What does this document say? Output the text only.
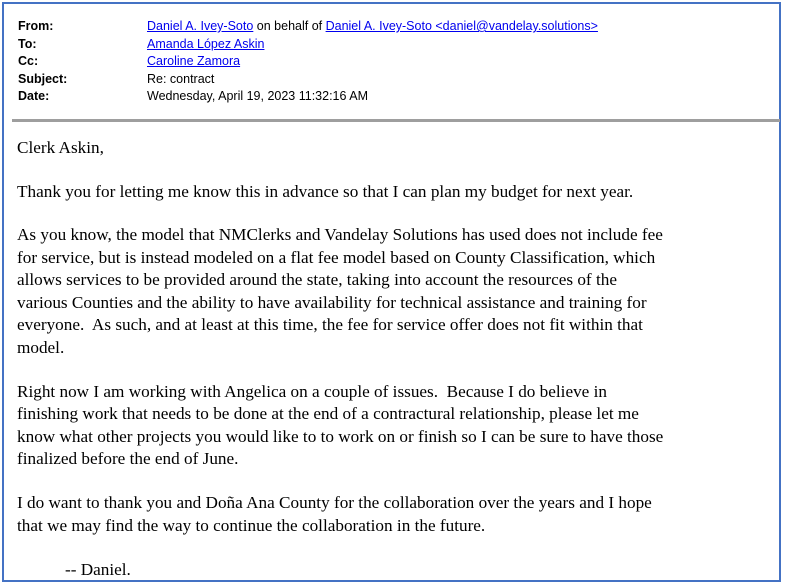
From:	Daniel A. Ivey-Soto on behalf of Daniel A. Ivey-Soto <daniel@vandelay.solutions>
To:	Amanda López Askin
Cc:	Caroline Zamora
Subject:	Re: contract
Date:	Wednesday, April 19, 2023 11:32:16 AM

Clerk Askin,

Thank you for letting me know this in advance so that I can plan my budget for next year.

As you know, the model that NMClerks and Vandelay Solutions has used does not include fee

for service, but is instead modeled on a flat fee model based on County Classification, which

allows services to be provided around the state, taking into account the resources of the

various Counties and the ability to have availability for technical assistance and training for

everyone.  As such, and at least at this time, the fee for service offer does not fit within that

model.

Right now I am working with Angelica on a couple of issues.  Because I do believe in

finishing work that needs to be done at the end of a contractural relationship, please let me

know what other projects you would like to to work on or finish so I can be sure to have those

finalized before the end of June.

I do want to thank you and Doña Ana County for the collaboration over the years and I hope

that we may find the way to continue the collaboration in the future.

-- Daniel.
